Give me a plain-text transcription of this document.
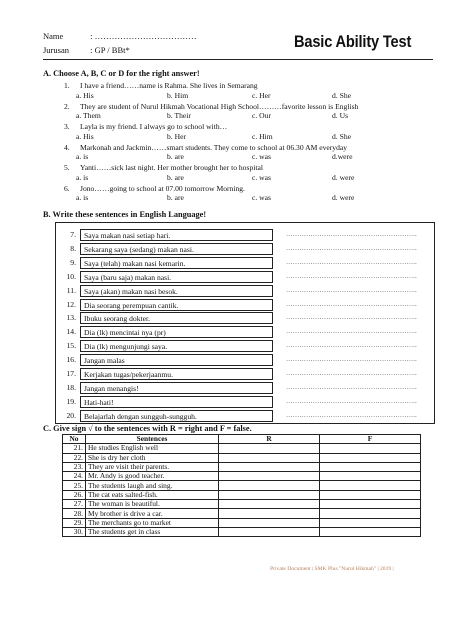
Name	: ………………………………
Jurusan : GP / BBt*	Basic Ability Test
A. Choose A, B, C or D for the right answer!
1. I have a friend……name is Rahma. She lives in Semarang
a. His	b. Him	c. Her	d. She
2. They are student of Nurul Hikmah Vocational High School………favorite lesson is English
a. Them	b. Their	c. Our	d. Us
3. Layla is my friend. I always go to school with…
a. His	b. Her	c. Him	d. She
4. Markonah and Jackmin……smart students. They come to school at 06.30 AM everyday
a. is	b. are	c. was	d.were
5. Yanti……sick last night. Her mother brought her to hospital
a. is	b. are	c. was	d. were
6. Jono……going to school at 07.00 tomorrow Morning.
a. is	b. are	c. was	d. were
B. Write these sentences in English Language!
7.	Saya makan nasi setiap hari.	…………………………………………………..
8.	Sekarang saya (sedang) makan nasi.	…………………………………………………..
9.	Saya (telah) makan nasi kemarin.	…………………………………………………..
10.	Saya (baru saja) makan nasi.	…………………………………………………..
11.	Saya (akan) makan nasi besok.	…………………………………………………..
12.	Dia seorang perempuan cantik.	…………………………………………………..
13.	Ibuku seorang dokter.	…………………………………………………..
14.	Dia (lk) mencintai nya (pr)	…………………………………………………..
15.	Dia (lk) mengunjungi saya.	…………………………………………………..
16.	Jangan malas	…………………………………………………..
17.	Kerjakan tugas/pekerjaanmu.	…………………………………………………..
18.	Jangan menangis!	…………………………………………………..
19.	Hati-hati!	…………………………………………………..
20.	Belajarlah dengan sungguh-sungguh.	…………………………………………………..
C. Give sign √ to the sentences with R = right and F = false.
No	Sentences	R	F
21.	He studies English well		
22.	She is dry her cloth		
23.	They are visit their parents.		
24.	Mr. Andy is good teacher.		
25.	The students laugh and sing.		
26.	The cat eats salted-fish.		
27.	The woman is beautiful.		
28.	My brother is drive a car.		
29.	The merchants go to market		
30.	The students get in class		
Private Document | SMK Plus "Nurul Hikmah" | 2019 |
